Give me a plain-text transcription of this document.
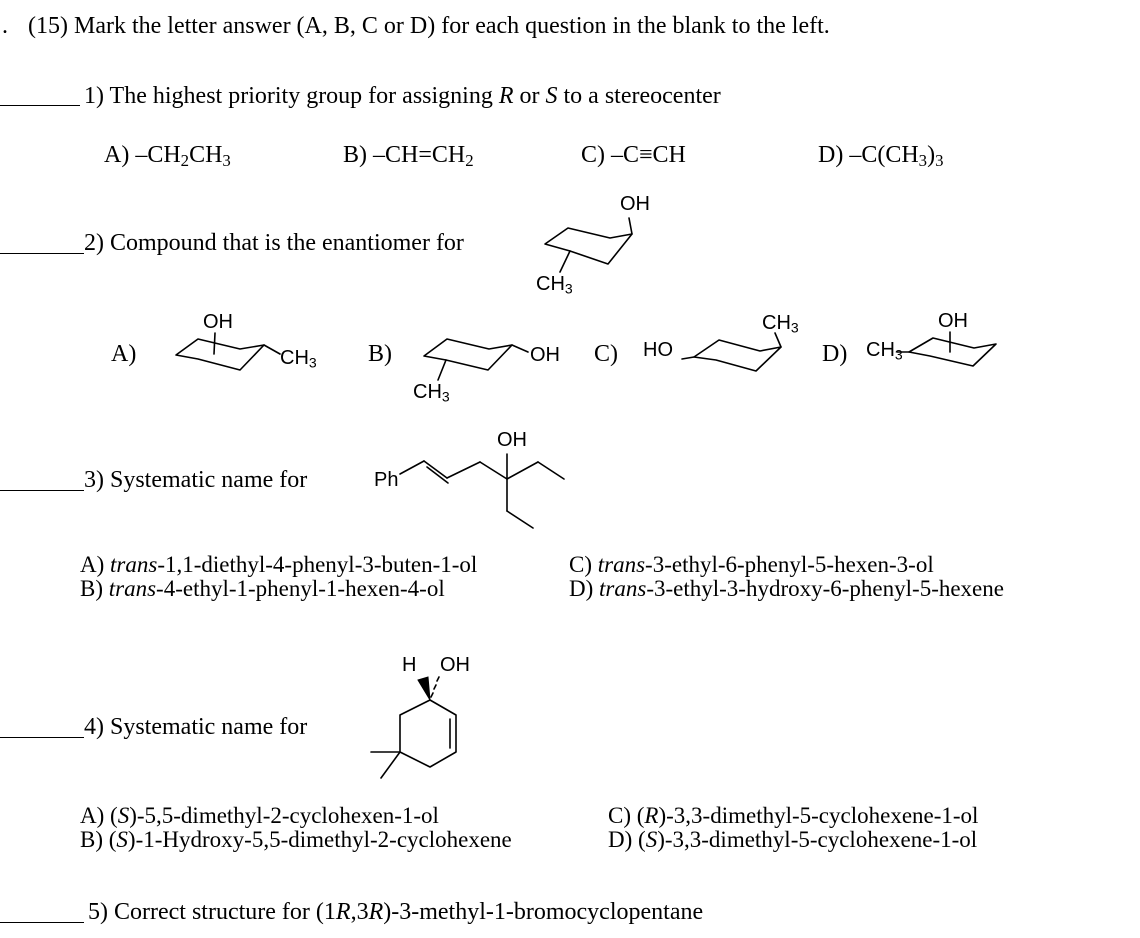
. (15) Mark the letter answer (A, B, C or D) for each question in the blank to the left.
1) The highest priority group for assigning R or S to a stereocenter
A) $-CH_2CH_3$	B) $-CH=CH_2$	C) –C≡CH	D) $-C(CH_3)_3$
2) Compound that is the enantiomer for
OH
$CH_3$
A)	B)	C)	D)
OH
$CH_3$	OH
$CH_3$
HO
$CH_3$	OH
$CH_3$
3) Systematic name for	Ph
OH
A) trans-1,1-diethyl-4-phenyl-3-buten-1-ol
B) trans-4-ethyl-1-phenyl-1-hexen-4-ol
C) trans-3-ethyl-6-phenyl-5-hexen-3-ol
D) trans-3-ethyl-3-hydroxy-6-phenyl-5-hexene
4) Systematic name for
H OH
A) (S)-5,5-dimethyl-2-cyclohexen-1-ol
B) (S)-1-Hydroxy-5,5-dimethyl-2-cyclohexene
C) (R)-3,3-dimethyl-5-cyclohexene-1-ol
D) (S)-3,3-dimethyl-5-cyclohexene-1-ol
5) Correct structure for (1R,3R)-3-methyl-1-bromocyclopentane
